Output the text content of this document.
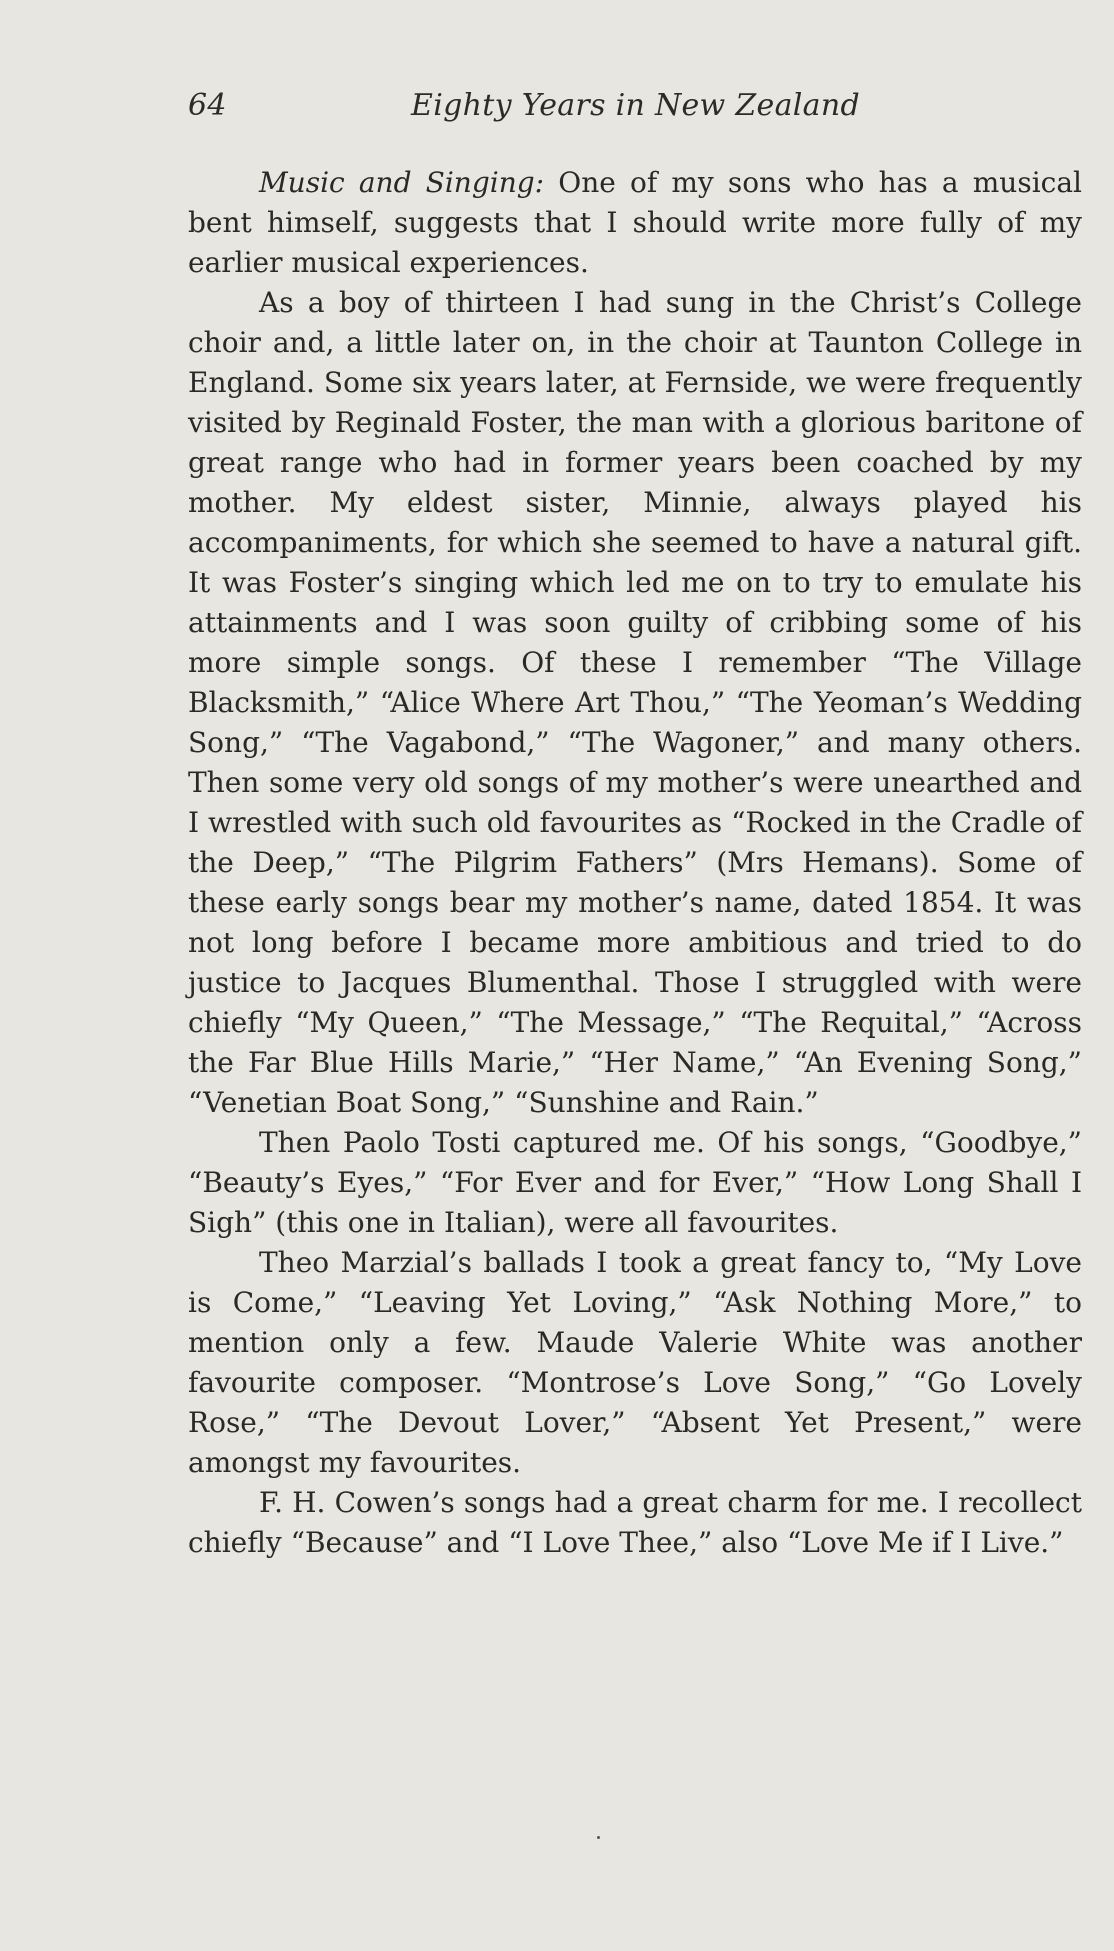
64	Eighty Years in New Zealand

Music and Singing: One of my sons who has a musical bent himself, suggests that I should write more fully of my earlier musical experiences.

As a boy of thirteen I had sung in the Christ’s College choir and, a little later on, in the choir at Taunton College in England. Some six years later, at Fernside, we were frequently visited by Reginald Foster, the man with a glorious baritone of great range who had in former years been coached by my mother. My eldest sister, Minnie, always played his accompaniments, for which she seemed to have a natural gift. It was Foster’s singing which led me on to try to emulate his attainments and I was soon guilty of cribbing some of his more simple songs. Of these I remember “The Village Blacksmith,” “Alice Where Art Thou,” “The Yeoman’s Wedding Song,” “The Vagabond,” “The Wagoner,” and many others. Then some very old songs of my mother’s were unearthed and I wrestled with such old favourites as “Rocked in the Cradle of the Deep,” “The Pilgrim Fathers” (Mrs Hemans). Some of these early songs bear my mother’s name, dated 1854. It was not long before I became more ambitious and tried to do justice to Jacques Blumenthal. Those I struggled with were chiefly “My Queen,” “The Message,” “The Requital,” “Across the Far Blue Hills Marie,” “Her Name,” “An Evening Song,” “Venetian Boat Song,” “Sunshine and Rain.”

Then Paolo Tosti captured me. Of his songs, “Goodbye,” “Beauty’s Eyes,” “For Ever and for Ever,” “How Long Shall I Sigh” (this one in Italian), were all favourites.

Theo Marzial’s ballads I took a great fancy to, “My Love is Come,” “Leaving Yet Loving,” “Ask Nothing More,” to mention only a few. Maude Valerie White was another favourite composer. “Montrose’s Love Song,” “Go Lovely Rose,” “The Devout Lover,” “Absent Yet Present,” were amongst my favourites.

F. H. Cowen’s songs had a great charm for me. I recollect chiefly “Because” and “I Love Thee,” also “Love Me if I Live.”
